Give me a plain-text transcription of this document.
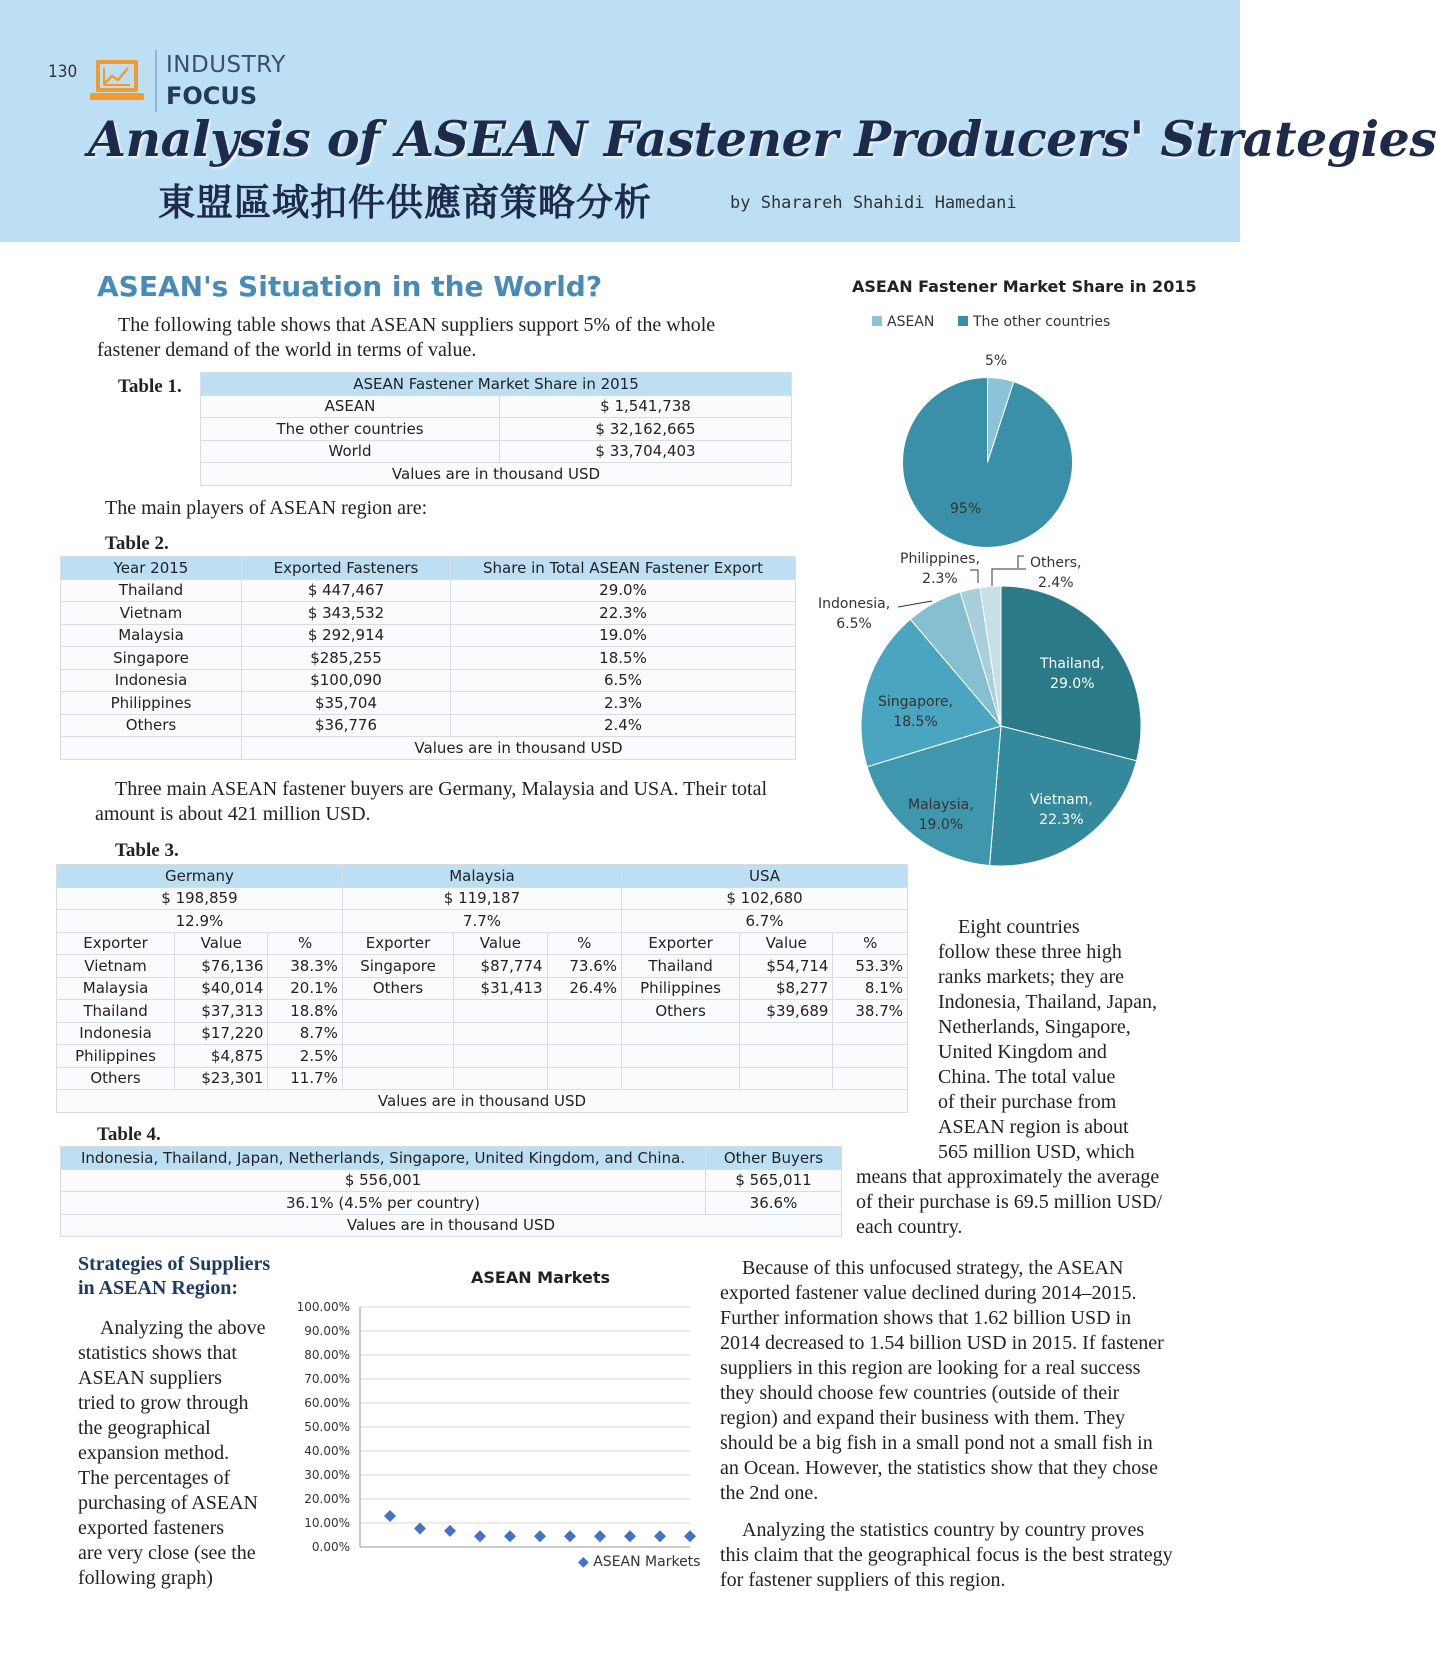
130	INDUSTRY
FOCUS
Analysis of ASEAN Fastener Producers' Strategies
東盟區域扣件供應商策略分析	by Sharareh Shahidi Hamedani
ASEAN's Situation in the World?
The following table shows that ASEAN suppliers support 5% of the whole
fastener demand of the world in terms of value.
Table 1.	ASEAN Fastener Market Share in 2015	
ASEAN	$ 1,541,738
The other countries	$ 32,162,665
World	$ 33,704,403
Values are in thousand USD	
The main players of ASEAN region are:
Table 2.
Year 2015	Exported Fasteners	Share in Total ASEAN Fastener Export
Thailand	$ 447,467	29.0%
Vietnam	$ 343,532	22.3%
Malaysia	$ 292,914	19.0%
Singapore	$285,255	18.5%
Indonesia	$100,090	6.5%
Philippines	$35,704	2.3%
Others	$36,776	2.4%
	Values are in thousand USD	
Three main ASEAN fastener buyers are Germany, Malaysia and USA. Their total
amount is about 421 million USD.
Table 3.
Germany			Malaysia			USA		
$ 198,859			$ 119,187			$ 102,680		
12.9%			7.7%			6.7%		
Exporter	Value	%	Exporter	Value	%	Exporter	Value	%
Vietnam	$76,136	38.3%	Singapore	$87,774	73.6%	Thailand	$54,714	53.3%
Malaysia	$40,014	20.1%	Others	$31,413	26.4%	Philippines	$8,277	8.1%
Thailand	$37,313	18.8%				Others	$39,689	38.7%
Indonesia	$17,220	8.7%						
Philippines	$4,875	2.5%						
Others	$23,301	11.7%						
Values are in thousand USD								
Table 4.
Indonesia, Thailand, Japan, Netherlands, Singapore, United Kingdom, and China.	Other Buyers
$ 556,001	$ 565,011
36.1% (4.5% per country)	36.6%
Values are in thousand USD	
Eight countries
follow these three high
ranks markets; they are
Indonesia, Thailand, Japan,
Netherlands, Singapore,
United Kingdom and
China. The total value
of their purchase from
ASEAN region is about
565 million USD, which
means that approximately the average
of their purchase is 69.5 million USD/
each country.
ASEAN Fastener Market Share in 2015
ASEAN	The other countries
5%
95%
Thailand,
29.0%
Vietnam,
22.3%
Malaysia,
19.0%
Singapore,
18.5%
Indonesia,
6.5%
Philippines,
2.3%
Others,
2.4%
Strategies of Suppliers
in ASEAN Region:
Analyzing the above
statistics shows that
ASEAN suppliers
tried to grow through
the geographical
expansion method.
The percentages of
purchasing of ASEAN
exported fasteners
are very close (see the
following graph)
ASEAN Markets
0.00%
10.00%
20.00%
30.00%
40.00%
50.00%
60.00%
70.00%
80.00%
90.00%
100.00%
◆ ASEAN Markets
Because of this unfocused strategy, the ASEAN
exported fastener value declined during 2014–2015.
Further information shows that 1.62 billion USD in
2014 decreased to 1.54 billion USD in 2015. If fastener
suppliers in this region are looking for a real success
they should choose few countries (outside of their
region) and expand their business with them. They
should be a big fish in a small pond not a small fish in
an Ocean. However, the statistics show that they chose
the 2nd one.
Analyzing the statistics country by country proves
this claim that the geographical focus is the best strategy
for fastener suppliers of this region.
